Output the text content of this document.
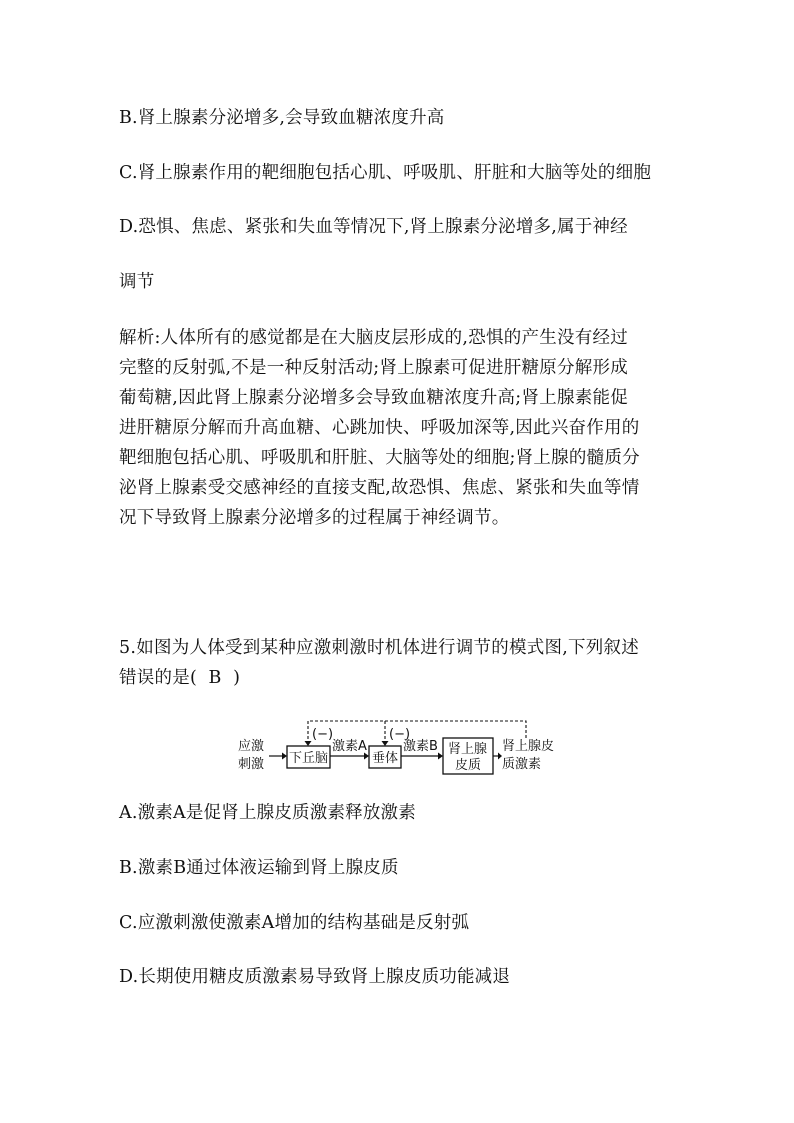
B.肾上腺素分泌增多,会导致血糖浓度升高
C.肾上腺素作用的靶细胞包括心肌、呼吸肌、肝脏和大脑等处的细胞
D.恐惧、焦虑、紧张和失血等情况下,肾上腺素分泌增多,属于神经
调节
解析:人体所有的感觉都是在大脑皮层形成的,恐惧的产生没有经过
完整的反射弧,不是一种反射活动;肾上腺素可促进肝糖原分解形成
葡萄糖,因此肾上腺素分泌增多会导致血糖浓度升高;肾上腺素能促
进肝糖原分解而升高血糖、心跳加快、呼吸加深等,因此兴奋作用的
靶细胞包括心肌、呼吸肌和肝脏、大脑等处的细胞;肾上腺的髓质分
泌肾上腺素受交感神经的直接支配,故恐惧、焦虑、紧张和失血等情
况下导致肾上腺素分泌增多的过程属于神经调节。
5.如图为人体受到某种应激刺激时机体进行调节的模式图,下列叙述
错误的是( B )
应激
刺激 下丘脑
激素A
垂体
激素B 肾上腺
皮质
肾上腺皮
质激素
(−)	(−)
A.激素A是促肾上腺皮质激素释放激素
B.激素B通过体液运输到肾上腺皮质
C.应激刺激使激素A增加的结构基础是反射弧
D.长期使用糖皮质激素易导致肾上腺皮质功能减退
